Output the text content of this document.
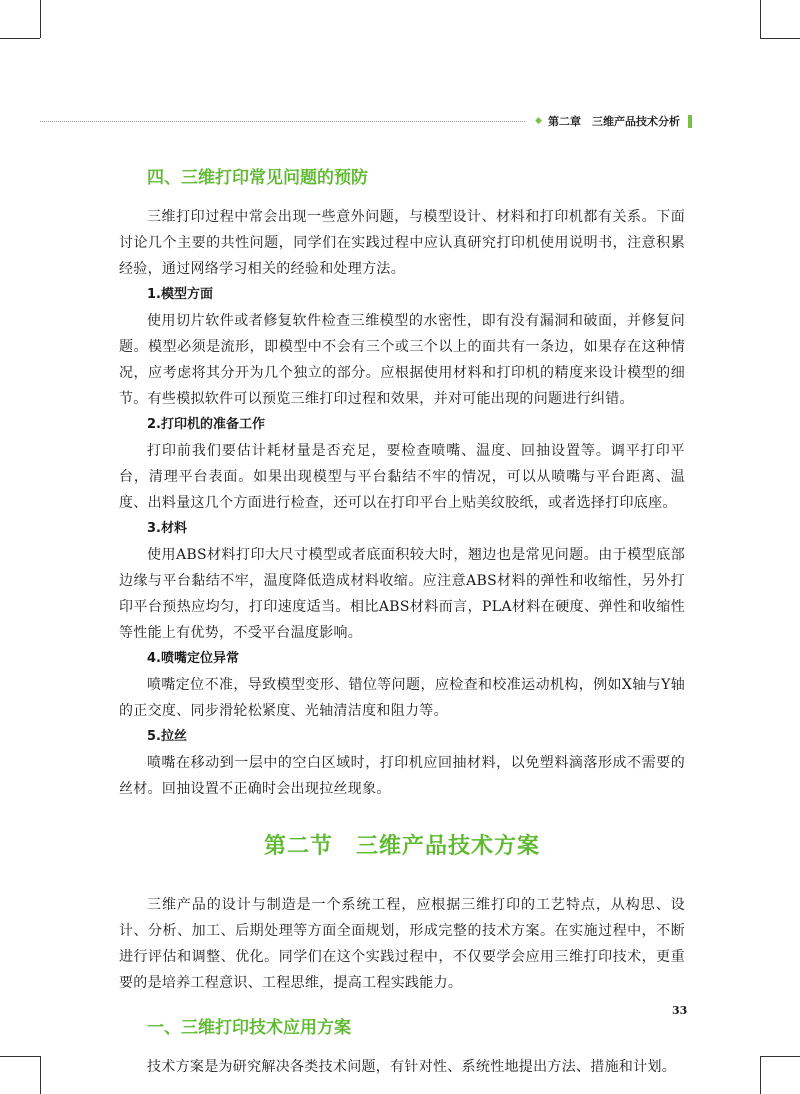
◆ 第二章　三维产品技术分析
四、三维打印常见问题的预防

三维打印过程中常会出现一些意外问题，与模型设计、材料和打印机都有关系。下面讨论几个主要的共性问题，同学们在实践过程中应认真研究打印机使用说明书，注意积累经验，通过网络学习相关的经验和处理方法。

1.模型方面

使用切片软件或者修复软件检查三维模型的水密性，即有没有漏洞和破面，并修复问题。模型必须是流形，即模型中不会有三个或三个以上的面共有一条边，如果存在这种情况，应考虑将其分开为几个独立的部分。应根据使用材料和打印机的精度来设计模型的细节。有些模拟软件可以预览三维打印过程和效果，并对可能出现的问题进行纠错。

2.打印机的准备工作

打印前我们要估计耗材量是否充足，要检查喷嘴、温度、回抽设置等。调平打印平台，清理平台表面。如果出现模型与平台黏结不牢的情况，可以从喷嘴与平台距离、温度、出料量这几个方面进行检查，还可以在打印平台上贴美纹胶纸，或者选择打印底座。

3.材料

使用ABS材料打印大尺寸模型或者底面积较大时，翘边也是常见问题。由于模型底部边缘与平台黏结不牢，温度降低造成材料收缩。应注意ABS材料的弹性和收缩性，另外打印平台预热应均匀，打印速度适当。相比ABS材料而言，PLA材料在硬度、弹性和收缩性等性能上有优势，不受平台温度影响。

4.喷嘴定位异常

喷嘴定位不准，导致模型变形、错位等问题，应检查和校准运动机构，例如X轴与Y轴的正交度、同步滑轮松紧度、光轴清洁度和阻力等。

5.拉丝

喷嘴在移动到一层中的空白区域时，打印机应回抽材料，以免塑料滴落形成不需要的丝材。回抽设置不正确时会出现拉丝现象。

第二节　三维产品技术方案

三维产品的设计与制造是一个系统工程，应根据三维打印的工艺特点，从构思、设计、分析、加工、后期处理等方面全面规划，形成完整的技术方案。在实施过程中，不断进行评估和调整、优化。同学们在这个实践过程中，不仅要学会应用三维打印技术，更重要的是培养工程意识、工程思维，提高工程实践能力。

一、三维打印技术应用方案

技术方案是为研究解决各类技术问题，有针对性、系统性地提出方法、措施和计划。

33
